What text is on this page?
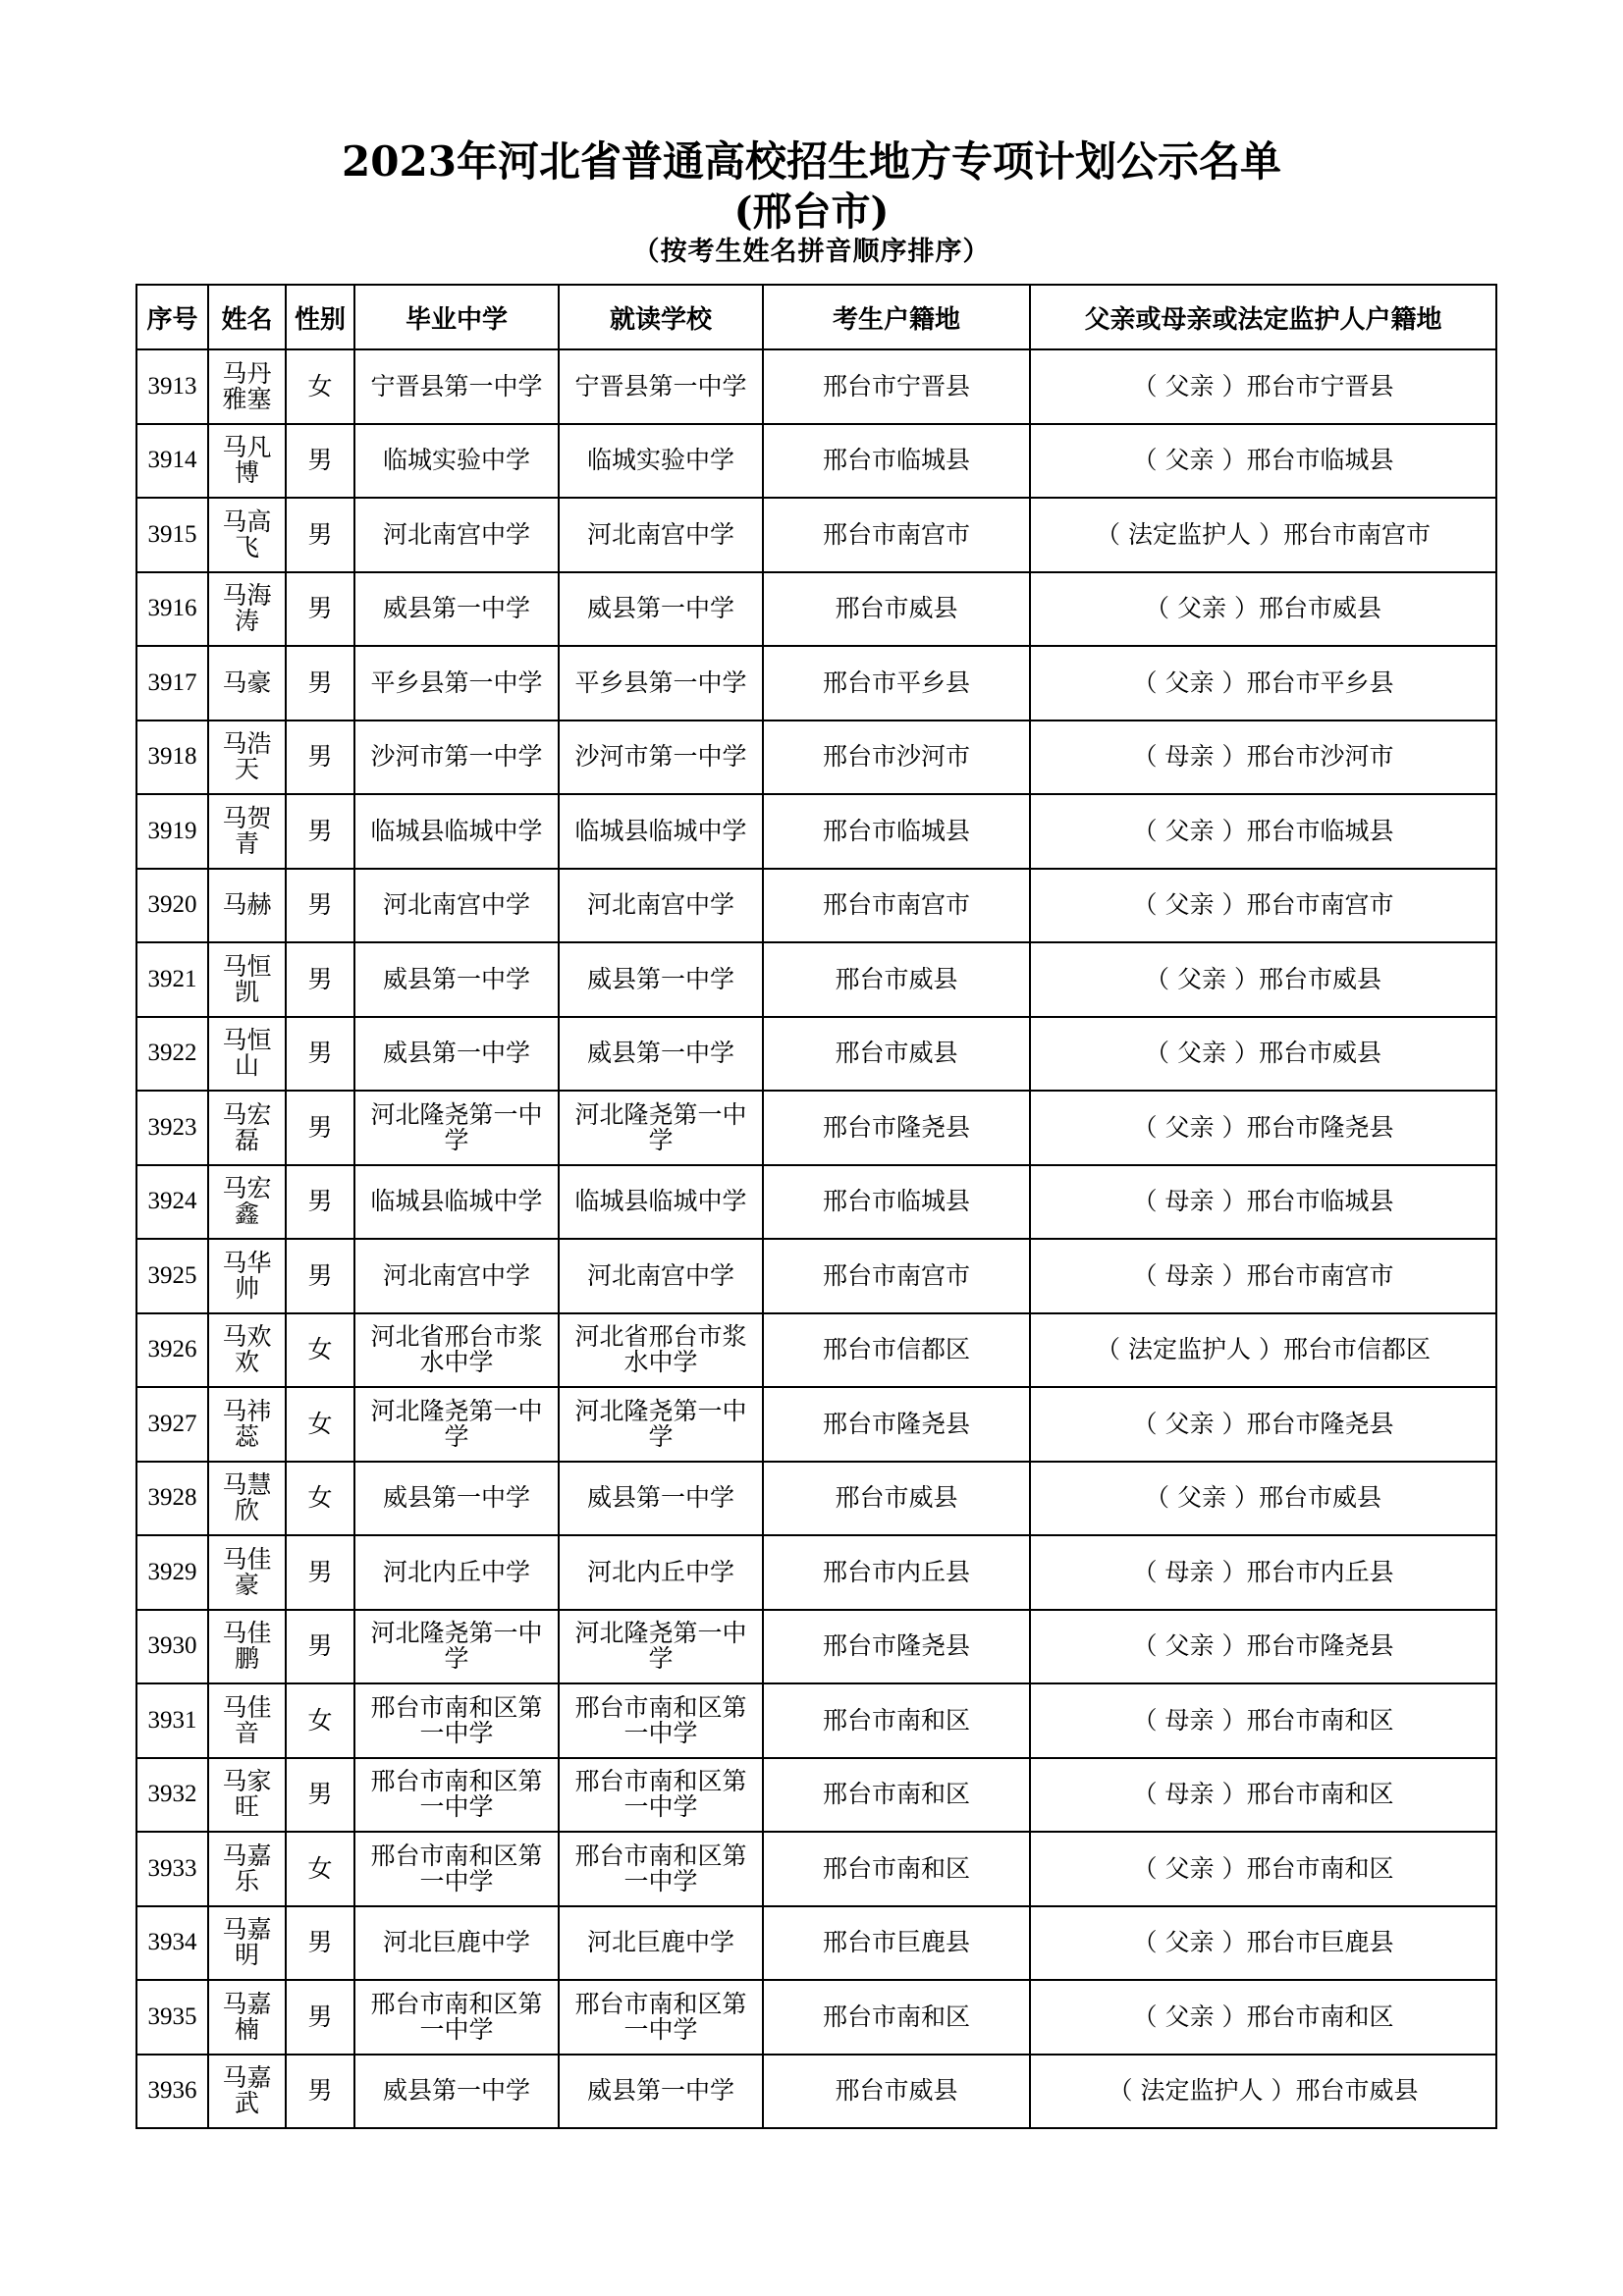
2023年河北省普通高校招生地方专项计划公示名单
(邢台市)
（按考生姓名拼音顺序排序）
序号	姓名	性别	毕业中学	就读学校	考生户籍地	父亲或母亲或法定监护人户籍地
3913	马丹雅塞	女	宁晋县第一中学	宁晋县第一中学	邢台市宁晋县	（ 父亲 ）邢台市宁晋县
3914	马凡博	男	临城实验中学	临城实验中学	邢台市临城县	（ 父亲 ）邢台市临城县
3915	马高飞	男	河北南宫中学	河北南宫中学	邢台市南宫市	（ 法定监护人 ）邢台市南宫市
3916	马海涛	男	威县第一中学	威县第一中学	邢台市威县	（ 父亲 ）邢台市威县
3917	马豪	男	平乡县第一中学	平乡县第一中学	邢台市平乡县	（ 父亲 ）邢台市平乡县
3918	马浩天	男	沙河市第一中学	沙河市第一中学	邢台市沙河市	（ 母亲 ）邢台市沙河市
3919	马贺青	男	临城县临城中学	临城县临城中学	邢台市临城县	（ 父亲 ）邢台市临城县
3920	马赫	男	河北南宫中学	河北南宫中学	邢台市南宫市	（ 父亲 ）邢台市南宫市
3921	马恒凯	男	威县第一中学	威县第一中学	邢台市威县	（ 父亲 ）邢台市威县
3922	马恒山	男	威县第一中学	威县第一中学	邢台市威县	（ 父亲 ）邢台市威县
3923	马宏磊	男	河北隆尧第一中学	河北隆尧第一中学	邢台市隆尧县	（ 父亲 ）邢台市隆尧县
3924	马宏鑫	男	临城县临城中学	临城县临城中学	邢台市临城县	（ 母亲 ）邢台市临城县
3925	马华帅	男	河北南宫中学	河北南宫中学	邢台市南宫市	（ 母亲 ）邢台市南宫市
3926	马欢欢	女	河北省邢台市浆水中学	河北省邢台市浆水中学	邢台市信都区	（ 法定监护人 ）邢台市信都区
3927	马祎蕊	女	河北隆尧第一中学	河北隆尧第一中学	邢台市隆尧县	（ 父亲 ）邢台市隆尧县
3928	马慧欣	女	威县第一中学	威县第一中学	邢台市威县	（ 父亲 ）邢台市威县
3929	马佳豪	男	河北内丘中学	河北内丘中学	邢台市内丘县	（ 母亲 ）邢台市内丘县
3930	马佳鹏	男	河北隆尧第一中学	河北隆尧第一中学	邢台市隆尧县	（ 父亲 ）邢台市隆尧县
3931	马佳音	女	邢台市南和区第一中学	邢台市南和区第一中学	邢台市南和区	（ 母亲 ）邢台市南和区
3932	马家旺	男	邢台市南和区第一中学	邢台市南和区第一中学	邢台市南和区	（ 母亲 ）邢台市南和区
3933	马嘉乐	女	邢台市南和区第一中学	邢台市南和区第一中学	邢台市南和区	（ 父亲 ）邢台市南和区
3934	马嘉明	男	河北巨鹿中学	河北巨鹿中学	邢台市巨鹿县	（ 父亲 ）邢台市巨鹿县
3935	马嘉楠	男	邢台市南和区第一中学	邢台市南和区第一中学	邢台市南和区	（ 父亲 ）邢台市南和区
3936	马嘉武	男	威县第一中学	威县第一中学	邢台市威县	（ 法定监护人 ）邢台市威县
